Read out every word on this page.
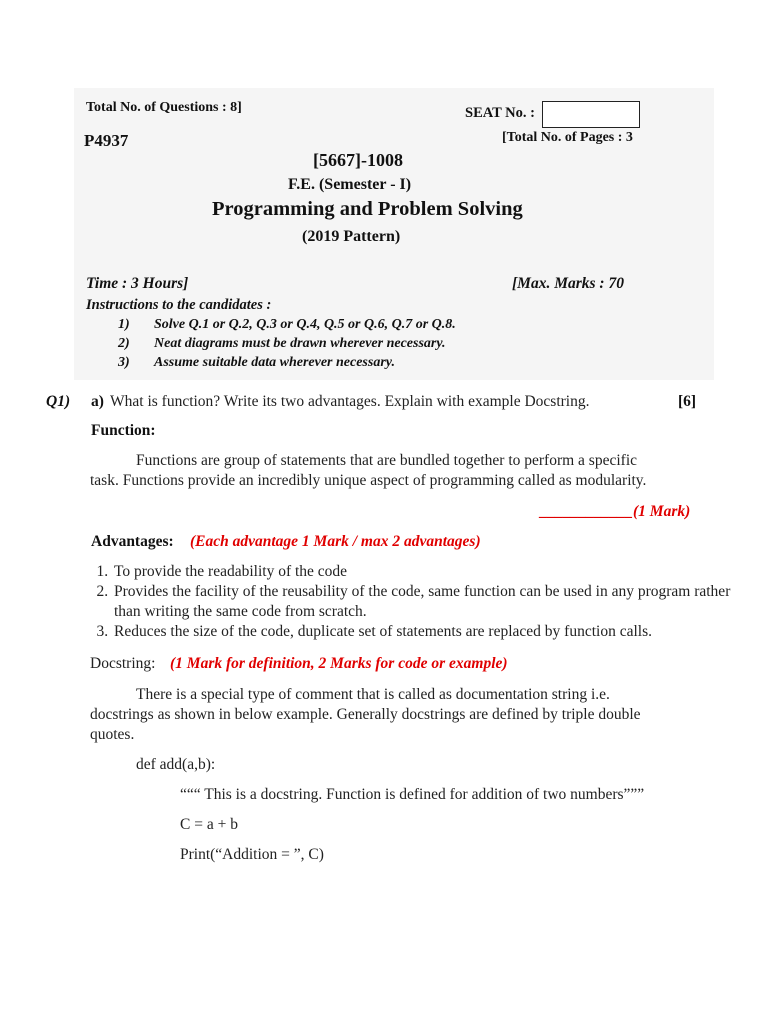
Total No. of Questions : 8]	SEAT No. :
P4937	[Total No. of Pages : 3
[5667]-1008
F.E. (Semester - I)
Programming and Problem Solving
(2019 Pattern)
Time : 3 Hours]	[Max. Marks : 70
Instructions to the candidates :
1) Solve Q.1 or Q.2, Q.3 or Q.4, Q.5 or Q.6, Q.7 or Q.8.
2) Neat diagrams must be drawn wherever necessary.
3) Assume suitable data wherever necessary.
Q1) a) What is function? Write its two advantages. Explain with example Docstring.	[6]
Function:
Functions are group of statements that are bundled together to perform a specific
task. Functions provide an incredibly unique aspect of programming called as modularity.
____________(1 Mark)
Advantages: (Each advantage 1 Mark / max 2 advantages)
1. To provide the readability of the code
2. Provides the facility of the reusability of the code, same function can be used in any program rather than writing the same code from scratch.
3. Reduces the size of the code, duplicate set of statements are replaced by function calls.
Docstring: (1 Mark for definition, 2 Marks for code or example)
There is a special type of comment that is called as documentation string i.e.
docstrings as shown in below example. Generally docstrings are defined by triple double
quotes.
def add(a,b):
“““ This is a docstring. Function is defined for addition of two numbers”””
C = a + b
Print(“Addition = ”, C)
